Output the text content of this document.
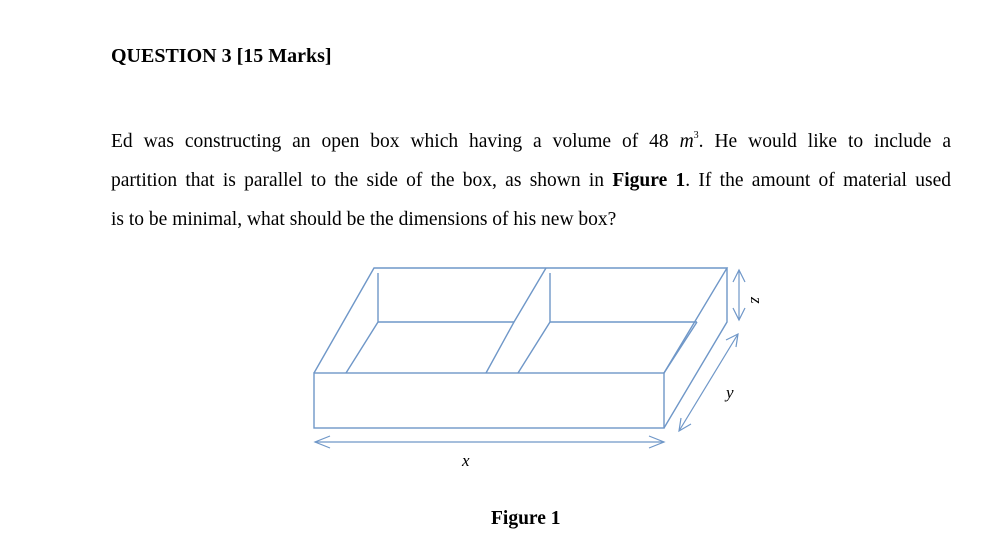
QUESTION 3 [15 Marks]
Ed was constructing an open box which having a volume of 48 $m^3$. He would like to include a
partition that is parallel to the side of the box, as shown in Figure 1. If the amount of material used
is to be minimal, what should be the dimensions of his new box?
x
z
y
Figure 1
